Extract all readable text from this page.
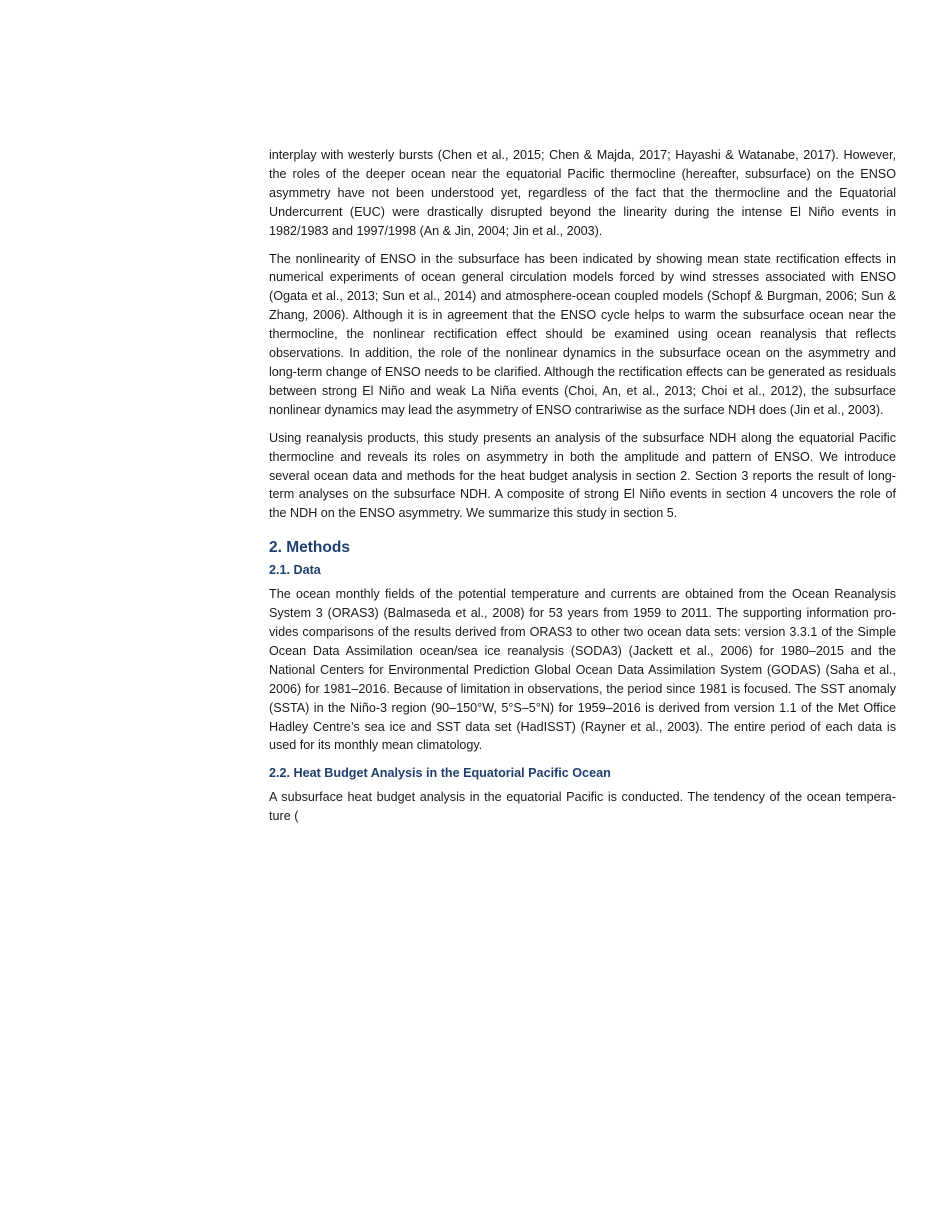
interplay with westerly bursts (Chen et al., 2015; Chen & Majda, 2017; Hayashi & Watanabe, 2017). However, the roles of the deeper ocean near the equatorial Pacific thermocline (hereafter, subsurface) on the ENSO asymmetry have not been understood yet, regardless of the fact that the thermocline and the Equatorial Undercurrent (EUC) were drastically disrupted beyond the linearity during the intense El Niño events in 1982/1983 and 1997/1998 (An & Jin, 2004; Jin et al., 2003).

The nonlinearity of ENSO in the subsurface has been indicated by showing mean state rectification effects in numerical experiments of ocean general circulation models forced by wind stresses associated with ENSO (Ogata et al., 2013; Sun et al., 2014) and atmosphere-ocean coupled models (Schopf & Burgman, 2006; Sun & Zhang, 2006). Although it is in agreement that the ENSO cycle helps to warm the subsurface ocean near the thermocline, the nonlinear rectification effect should be examined using ocean reanalysis that reflects observations. In addition, the role of the nonlinear dynamics in the subsurface ocean on the asymmetry and long-term change of ENSO needs to be clarified. Although the rectification effects can be generated as residuals between strong El Niño and weak La Niña events (Choi, An, et al., 2013; Choi et al., 2012), the subsurface nonlinear dynamics may lead the asymmetry of ENSO contrariwise as the surface NDH does (Jin et al., 2003).

Using reanalysis products, this study presents an analysis of the subsurface NDH along the equatorial Pacific thermocline and reveals its roles on asymmetry in both the amplitude and pattern of ENSO. We introduce several ocean data and methods for the heat budget analysis in section 2. Section 3 reports the result of long-term analyses on the subsurface NDH. A composite of strong El Niño events in section 4 uncovers the role of the NDH on the ENSO asymmetry. We summarize this study in section 5.

2. Methods
2.1. Data

The ocean monthly fields of the potential temperature and currents are obtained from the Ocean Reanalysis System 3 (ORAS3) (Balmaseda et al., 2008) for 53 years from 1959 to 2011. The supporting information provides comparisons of the results derived from ORAS3 to other two ocean data sets: version 3.3.1 of the Simple Ocean Data Assimilation ocean/sea ice reanalysis (SODA3) (Jackett et al., 2006) for 1980–2015 and the National Centers for Environmental Prediction Global Ocean Data Assimilation System (GODAS) (Saha et al., 2006) for 1981–2016. Because of limitation in observations, the period since 1981 is focused. The SST anomaly (SSTA) in the Niño-3 region (90–150°W, 5°S–5°N) for 1959–2016 is derived from version 1.1 of the Met Office Hadley Centre’s sea ice and SST data set (HadISST) (Rayner et al., 2003). The entire period of each data is used for its monthly mean climatology.

2.2. Heat Budget Analysis in the Equatorial Pacific Ocean

A subsurface heat budget analysis in the equatorial Pacific is conducted. The tendency of the ocean temperature (
